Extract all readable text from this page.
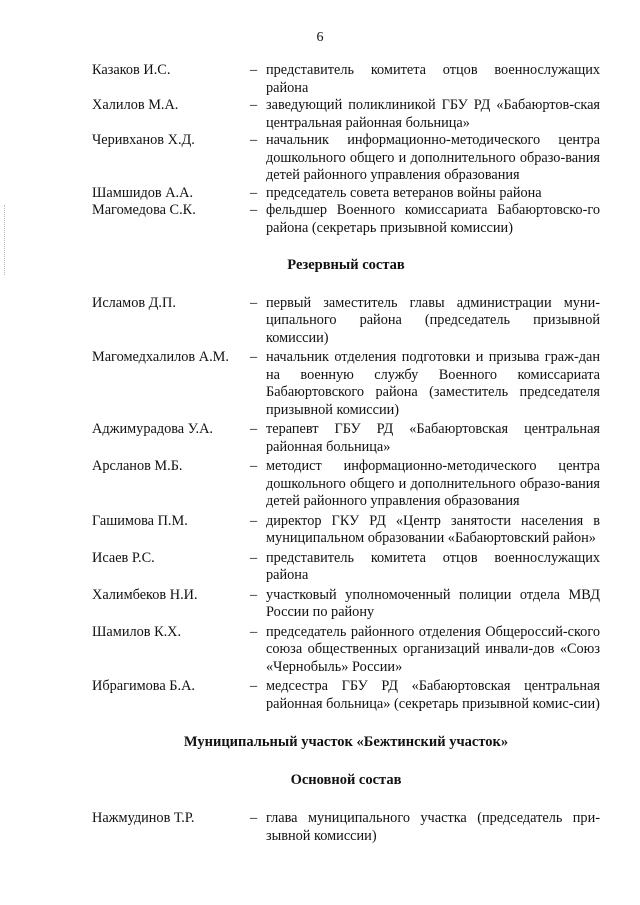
6
Казаков И.С.	– представитель комитета отцов военнослужащих района
Халилов М.А.	– заведующий поликлиникой ГБУ РД «Бабаюртов-ская центральная районная больница»
Черивханов Х.Д.	– начальник информационно-методического центра дошкольного общего и дополнительного образо-вания детей районного управления образования
Шамшидов А.А.	– председатель совета ветеранов войны района
Магомедова С.К.	– фельдшер Военного комиссариата Бабаюртовско-го района (секретарь призывной комиссии)
Резервный состав
Исламов Д.П.	– первый заместитель главы администрации муни-ципального района (председатель призывной комиссии)
Магомедхалилов А.М.	– начальник отделения подготовки и призыва граж-дан на военную службу Военного комиссариата Бабаюртовского района (заместитель председателя призывной комиссии)
Аджимурадова У.А.	– терапевт ГБУ РД «Бабаюртовская центральная районная больница»
Арсланов М.Б.	– методист информационно-методического центра дошкольного общего и дополнительного образо-вания детей районного управления образования
Гашимова П.М.	– директор ГКУ РД «Центр занятости населения в муниципальном образовании «Бабаюртовский район»
Исаев Р.С.	– представитель комитета отцов военнослужащих района
Халимбеков Н.И.	– участковый уполномоченный полиции отдела МВД России по району
Шамилов К.Х.	– председатель районного отделения Общероссий-ского союза общественных организаций инвали-дов «Союз «Чернобыль» России»
Ибрагимова Б.А.	– медсестра ГБУ РД «Бабаюртовская центральная районная больница» (секретарь призывной комис-сии)
Муниципальный участок «Бежтинский участок»
Основной состав
Нажмудинов Т.Р.	– глава муниципального участка (председатель при-зывной комиссии)
